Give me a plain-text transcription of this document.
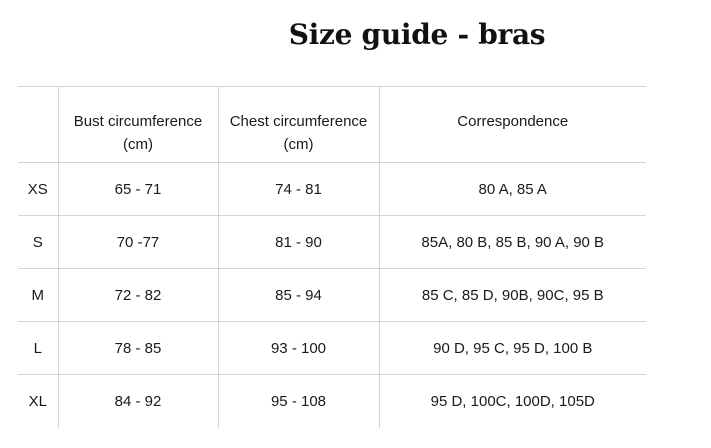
Size guide - bras
	Bust circumference (cm)	Chest circumference (cm)	Correspondence
XS	65 - 71	74 - 81	80 A, 85 A
S	70 -77	81 - 90	85A, 80 B, 85 B, 90 A, 90 B
M	72 - 82	85 - 94	85 C, 85 D, 90B, 90C, 95 B
L	78 - 85	93 - 100	90 D, 95 C, 95 D, 100 B
XL	84 - 92	95 - 108	95 D, 100C, 100D, 105D
